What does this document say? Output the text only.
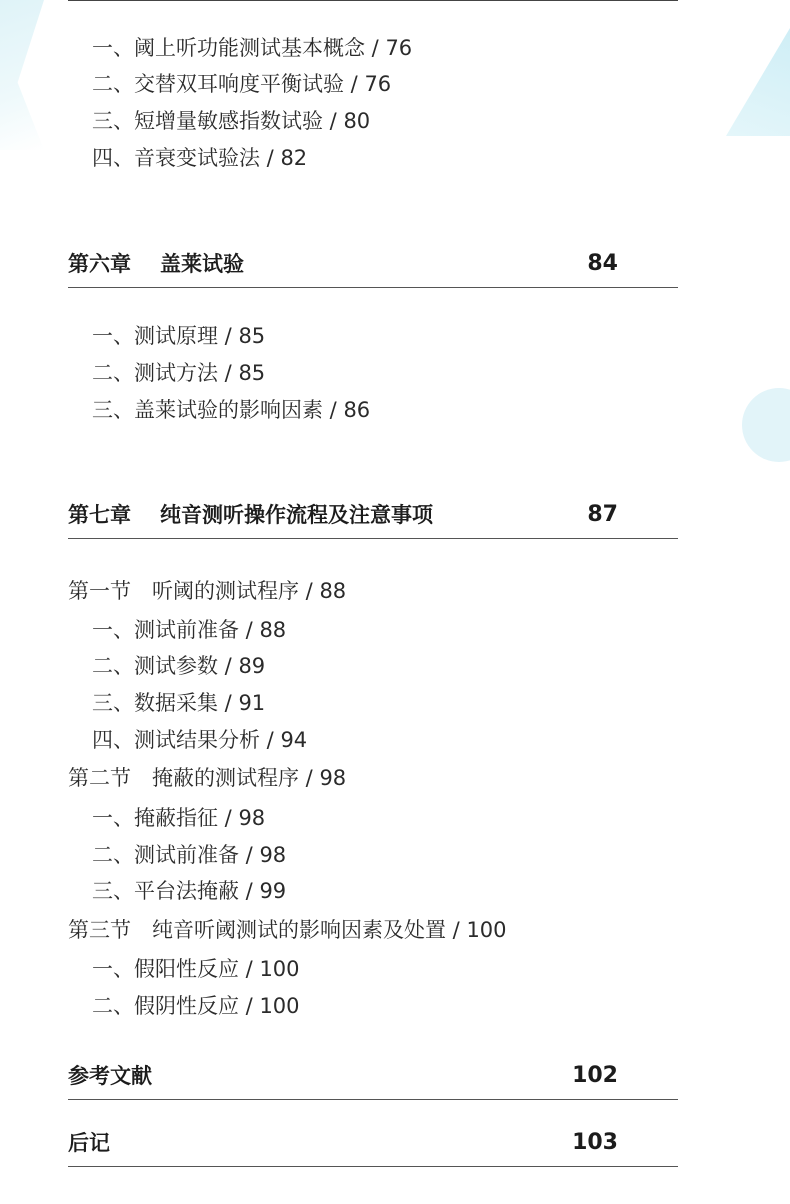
一、阈上听功能测试基本概念 / 76
二、交替双耳响度平衡试验 / 76
三、短增量敏感指数试验 / 80
四、音衰变试验法 / 82
第六章 盖莱试验	84
一、测试原理 / 85
二、测试方法 / 85
三、盖莱试验的影响因素 / 86
第七章 纯音测听操作流程及注意事项	87
第一节　 听阈的测试程序 / 88
一、测试前准备 / 88
二、测试参数 / 89
三、数据采集 / 91
四、测试结果分析 / 94
第二节　 掩蔽的测试程序 / 98
一、掩蔽指征 / 98
二、测试前准备 / 98
三、平台法掩蔽 / 99
第三节　 纯音听阈测试的影响因素及处置 / 100
一、假阳性反应 / 100
二、假阴性反应 / 100
参考文献	102
后记	103
